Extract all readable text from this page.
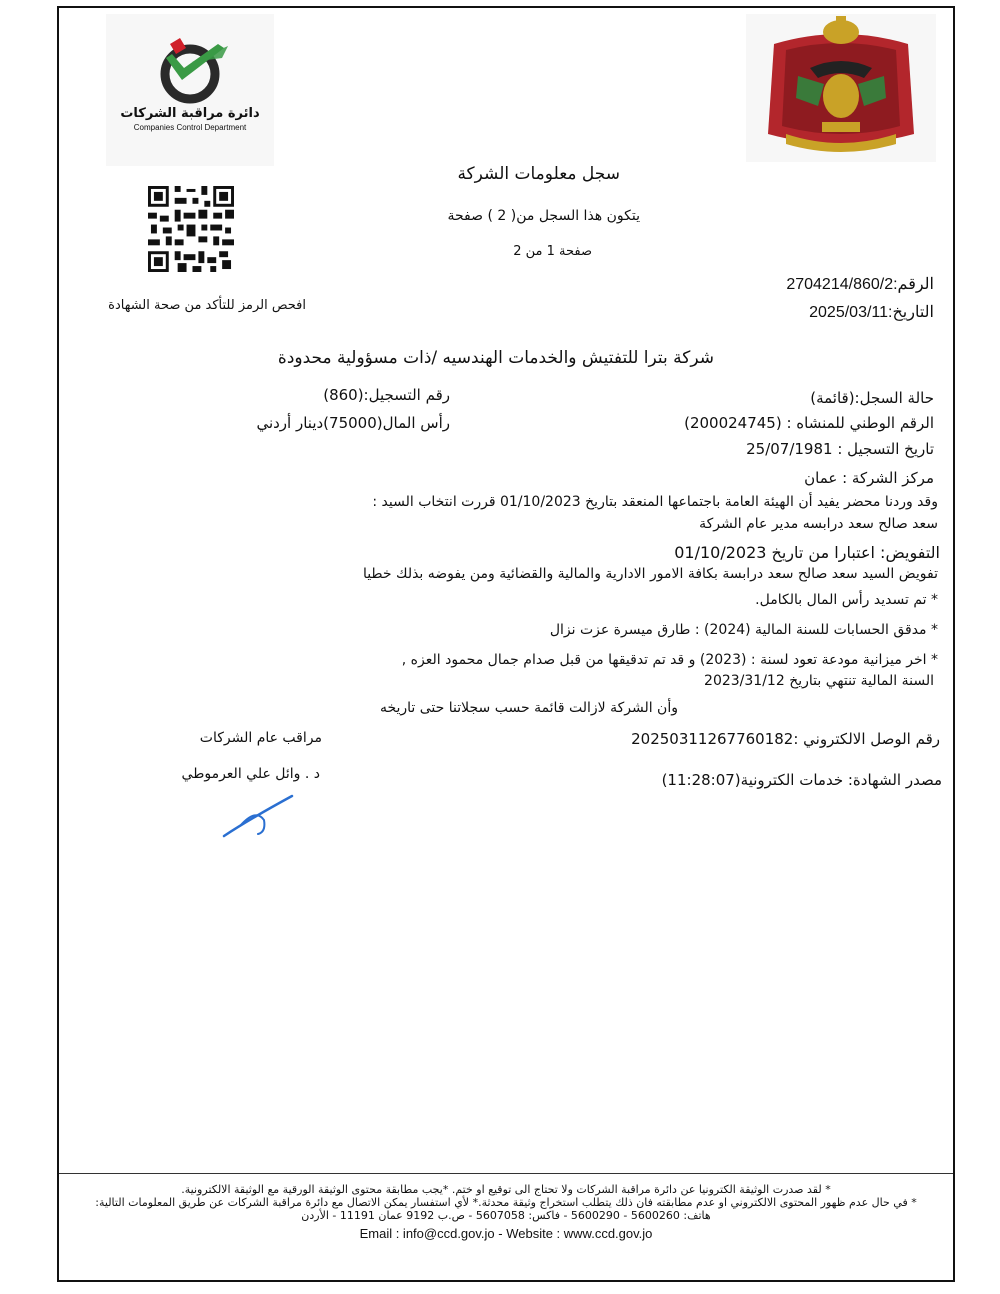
دائرة مراقبة الشركات
Companies Control Department
سجل معلومات الشركة
يتكون هذا السجل من( 2 ) صفحة
صفحة 1 من 2
افحص الرمز للتأكد من صحة الشهادة
الرقم:2704214/860/2
التاريخ:2025/03/11
شركة بترا للتفتيش والخدمات الهندسيه /ذات مسؤولية محدودة
حالة السجل:(قائمة)
رقم التسجيل:(860)
الرقم الوطني للمنشاه : (200024745)
رأس المال(75000)دينار أردني
تاريخ التسجيل : 25/07/1981
مركز الشركة : عمان
وقد وردنا محضر يفيد أن الهيئة العامة باجتماعها المنعقد بتاريخ 01/10/2023 قررت انتخاب السيد :
سعد صالح سعد درابسه مدير عام الشركة
التفويض: اعتبارا من تاريخ 01/10/2023
تفويض السيد سعد صالح سعد درابسة بكافة الامور الادارية والمالية والقضائية ومن يفوضه بذلك خطيا
* تم تسديد رأس المال بالكامل.
* مدقق الحسابات للسنة المالية (2024) : طارق ميسرة عزت نزال
* اخر ميزانية مودعة تعود لسنة : (2023) و قد تم تدقيقها من قبل صدام جمال محمود العزه ,
السنة المالية تنتهي بتاريخ 2023/31/12
وأن الشركة لازالت قائمة حسب سجلاتنا حتى تاريخه
رقم الوصل الالكتروني :20250311267760182
مصدر الشهادة: خدمات الكترونية(11:28:07)
مراقب عام الشركات
د . وائل علي العرموطي
* لقد صدرت الوثيقة الكترونيا عن دائرة مراقبة الشركات ولا تحتاج الى توقيع او ختم. *يجب مطابقة محتوى الوثيقة الورقية مع الوثيقة الالكترونية.
* في حال عدم ظهور المحتوى الالكتروني او عدم مطابقته فان ذلك يتطلب استخراج وثيقة محدثة.* لأي استفسار يمكن الاتصال مع دائرة مراقبة الشركات عن طريق المعلومات التالية:
هاتف: 5600260 - 5600290 - فاكس: 5607058 - ص.ب 9192 عمان 11191 - الأردن
Email : info@ccd.gov.jo - Website : www.ccd.gov.jo
